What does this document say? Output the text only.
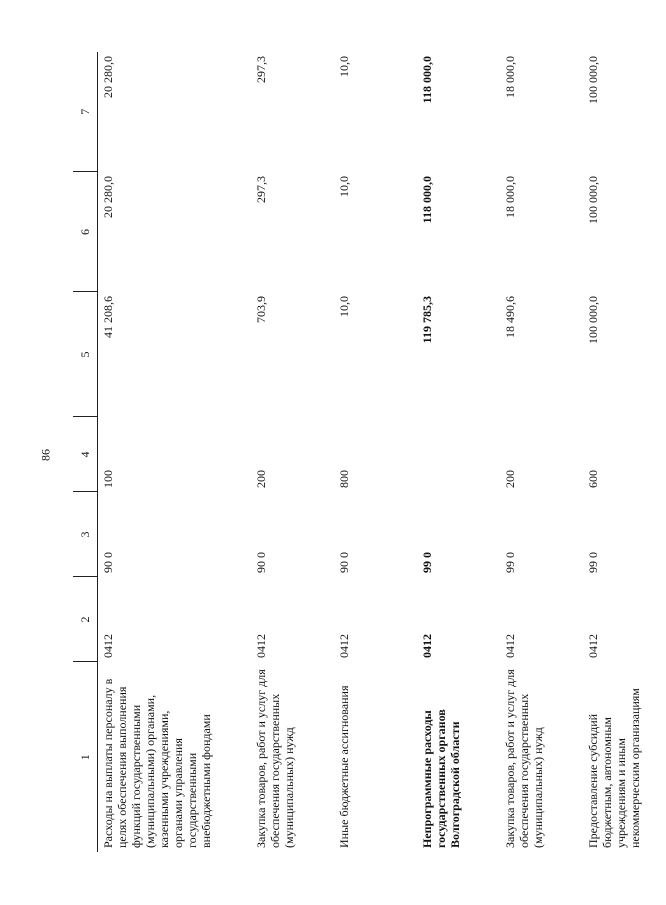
86
1	2	3	4	5	6	7
Расходы на выплаты персоналу в целях обеспечения выполнения функций государственными (муниципальными) органами, казенными учреждениями, органами управления государственными внебюджетными фондами	0412	90 0	100	41 208,6	20 280,0	20 280,0
Закупка товаров, работ и услуг для обеспечения государственных (муниципальных) нужд	0412	90 0	200	703,9	297,3	297,3
Иные бюджетные ассигнования	0412	90 0	800	10,0	10,0	10,0
Непрограммные расходы государственных органов Волгоградской области	0412	99 0		119 785,3	118 000,0	118 000,0
Закупка товаров, работ и услуг для обеспечения государственных (муниципальных) нужд	0412	99 0	200	18 490,6	18 000,0	18 000,0
Предоставление субсидий бюджетным, автономным учреждениям и иным некоммерческим организациям	0412	99 0	600	100 000,0	100 000,0	100 000,0
